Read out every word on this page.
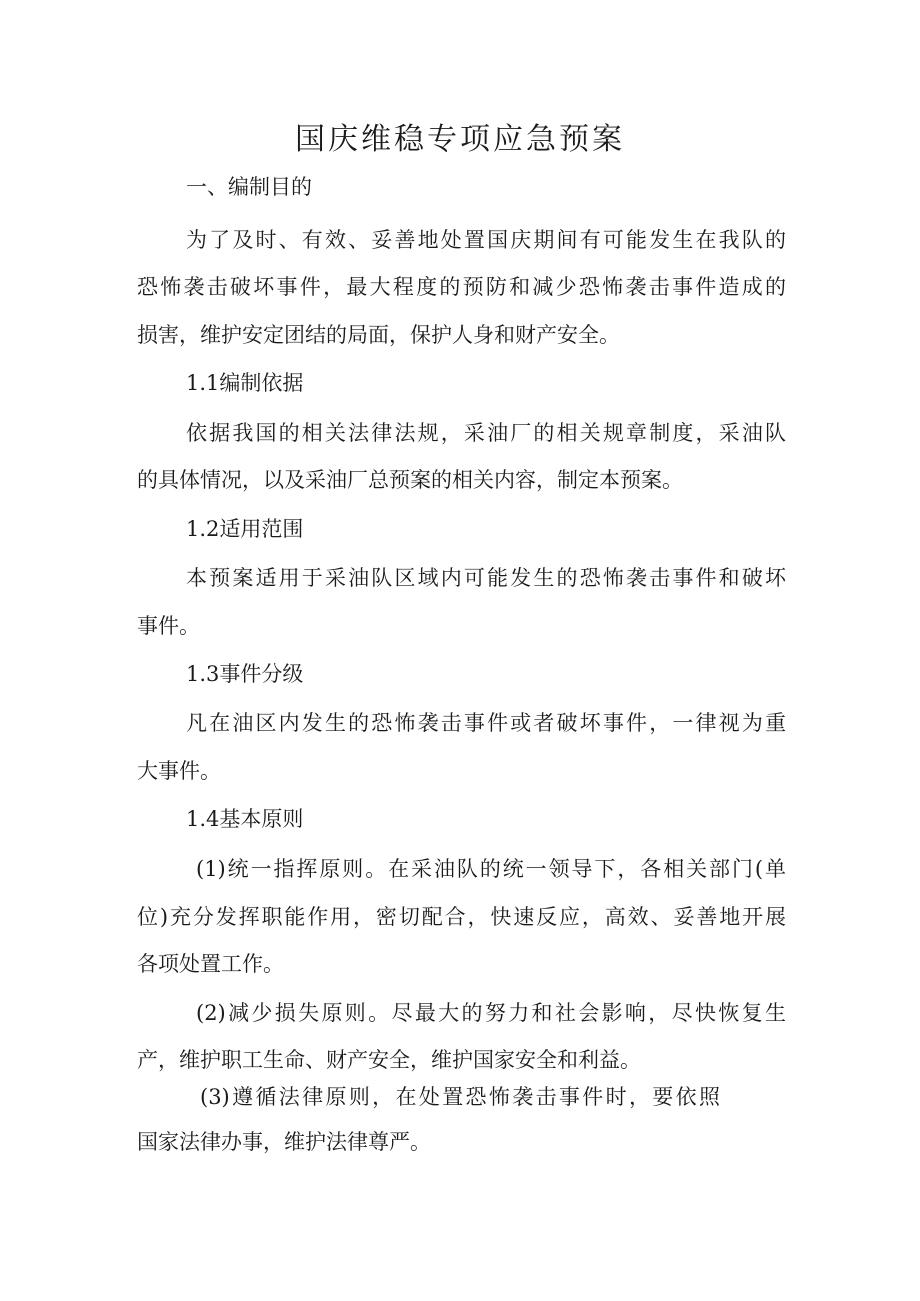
国庆维稳专项应急预案
一、编制目的
为了及时、有效、妥善地处置国庆期间有可能发生在我队的
恐怖袭击破坏事件，最大程度的预防和减少恐怖袭击事件造成的
损害，维护安定团结的局面，保护人身和财产安全。
1.1编制依据
依据我国的相关法律法规，采油厂的相关规章制度，采油队
的具体情况，以及采油厂总预案的相关内容，制定本预案。
1.2适用范围
本预案适用于采油队区域内可能发生的恐怖袭击事件和破坏
事件。
1.3事件分级
凡在油区内发生的恐怖袭击事件或者破坏事件，一律视为重
大事件。
1.4基本原则
(1)统一指挥原则。在采油队的统一领导下，各相关部门(单
位)充分发挥职能作用，密切配合，快速反应，高效、妥善地开展
各项处置工作。
(2)减少损失原则。尽最大的努力和社会影响，尽快恢复生
产，维护职工生命、财产安全，维护国家安全和利益。
(3)遵循法律原则，在处置恐怖袭击事件时，要依照
国家法律办事，维护法律尊严。
